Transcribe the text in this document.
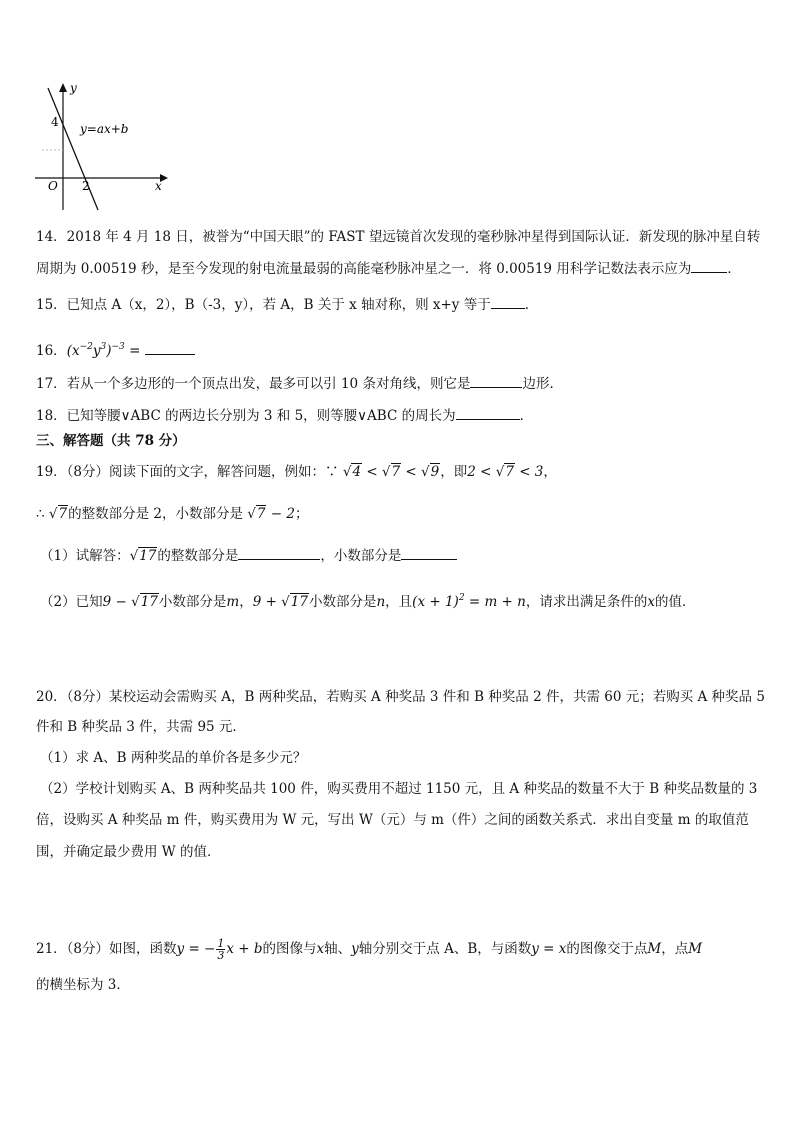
y
x
O
4
2
y=ax+b
14．2018 年 4 月 18 日，被誉为“中国天眼”的 FAST 望远镜首次发现的毫秒脉冲星得到国际认证．新发现的脉冲星自转
周期为 0.00519 秒，是至今发现的射电流量最弱的高能毫秒脉冲星之一．将 0.00519 用科学记数法表示应为	．
15．已知点 A（x，2），B（-3，y），若 A，B 关于 x 轴对称，则 x+y 等于	．
16．$(x^{-2}y^3)^{-3}$ =
17．若从一个多边形的一个顶点出发，最多可以引 10 条对角线，则它是	边形．
18．已知等腰∨ABC 的两边长分别为 3 和 5，则等腰∨ABC 的周长为	．
三、解答题（共 78 分）
19．（8分）阅读下面的文字，解答问题，例如：∵ √4 < √7 < √9，即2 < √7 < 3，
∴ √7的整数部分是 2，小数部分是 √7 − 2；
（1）试解答：√17的整数部分是	，小数部分是
（2）已知9 − √17小数部分是m，9 + √17小数部分是n，且$(x + 1)^2 = m + n$，请求出满足条件的x的值．
20．（8分）某校运动会需购买 A，B 两种奖品，若购买 A 种奖品 3 件和 B 种奖品 2 件，共需 60 元；若购买 A 种奖品 5
件和 B 种奖品 3 件，共需 95 元．
（1）求 A、B 两种奖品的单价各是多少元？
（2）学校计划购买 A、B 两种奖品共 100 件，购买费用不超过 1150 元，且 A 种奖品的数量不大于 B 种奖品数量的 3
倍，设购买 A 种奖品 m 件，购买费用为 W 元，写出 W（元）与 m（件）之间的函数关系式．求出自变量 m 的取值范
围，并确定最少费用 W 的值．
21．（8分）如图，函数y = − $\frac{1}{3}$ x + b的图像与x轴、y轴分别交于点 A、B，与函数y = x的图像交于点M，点M
的横坐标为 3．
